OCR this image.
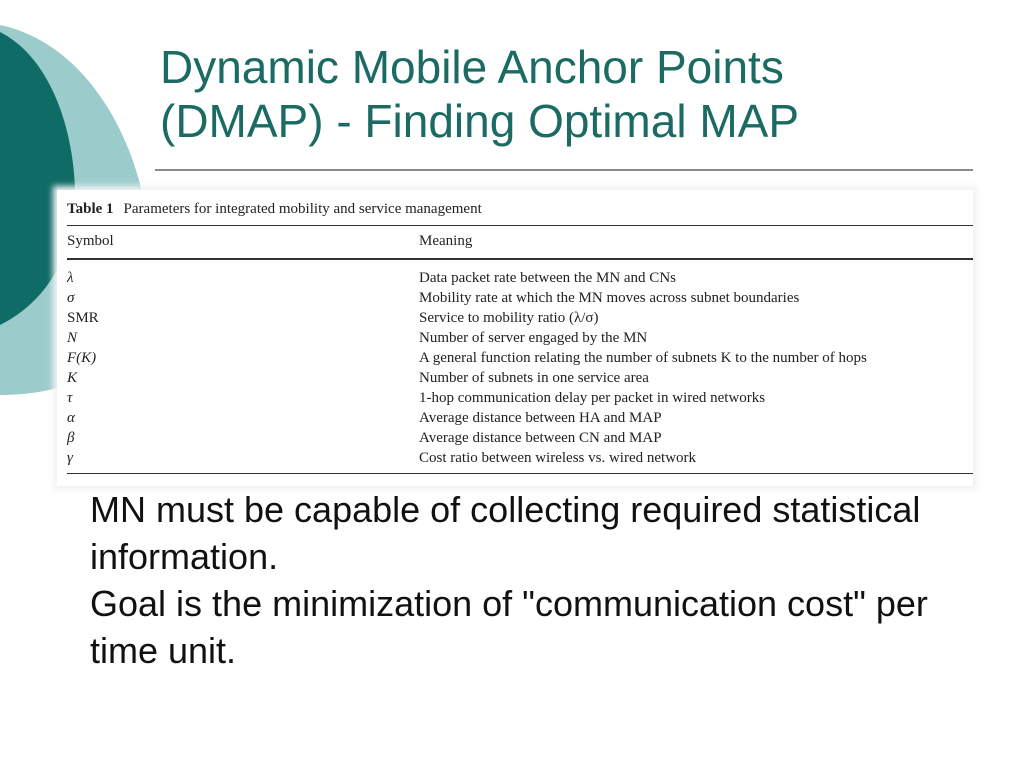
Dynamic Mobile Anchor Points
(DMAP) - Finding Optimal MAP
Table 1 Parameters for integrated mobility and service management
Symbol	Meaning
λ	Data packet rate between the MN and CNs
σ	Mobility rate at which the MN moves across subnet boundaries
SMR	Service to mobility ratio (λ/σ)
N	Number of server engaged by the MN
F(K)	A general function relating the number of subnets K to the number of hops
K	Number of subnets in one service area
τ	1-hop communication delay per packet in wired networks
α	Average distance between HA and MAP
β	Average distance between CN and MAP
γ	Cost ratio between wireless vs. wired network

MN must be capable of collecting required statistical information.

Goal is the minimization of "communication cost" per time unit.
